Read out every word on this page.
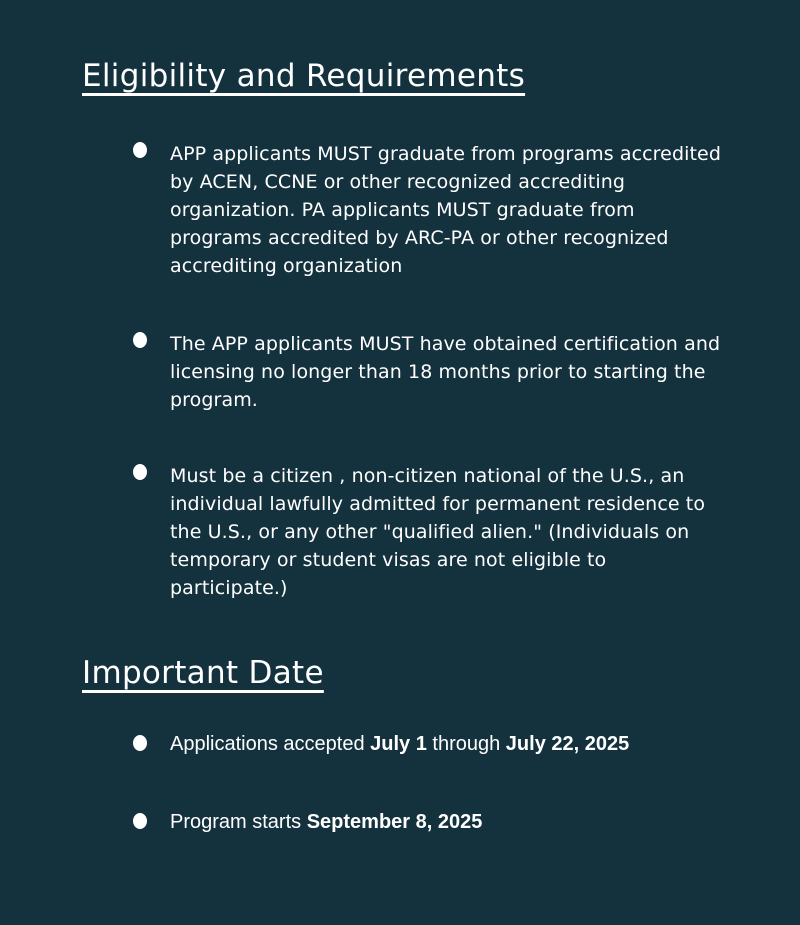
Eligibility and Requirements
APP applicants MUST graduate from programs accredited by ACEN, CCNE or other recognized accrediting organization. PA applicants MUST graduate from programs accredited by ARC-PA or other recognized accrediting organization
The APP applicants MUST have obtained certification and licensing no longer than 18 months prior to starting the program.
Must be a citizen , non-citizen national of the U.S., an individual lawfully admitted for permanent residence to the U.S., or any other "qualified alien." (Individuals on temporary or student visas are not eligible to participate.)
Important Date
Applications accepted July 1 through July 22, 2025
Program starts September 8, 2025
